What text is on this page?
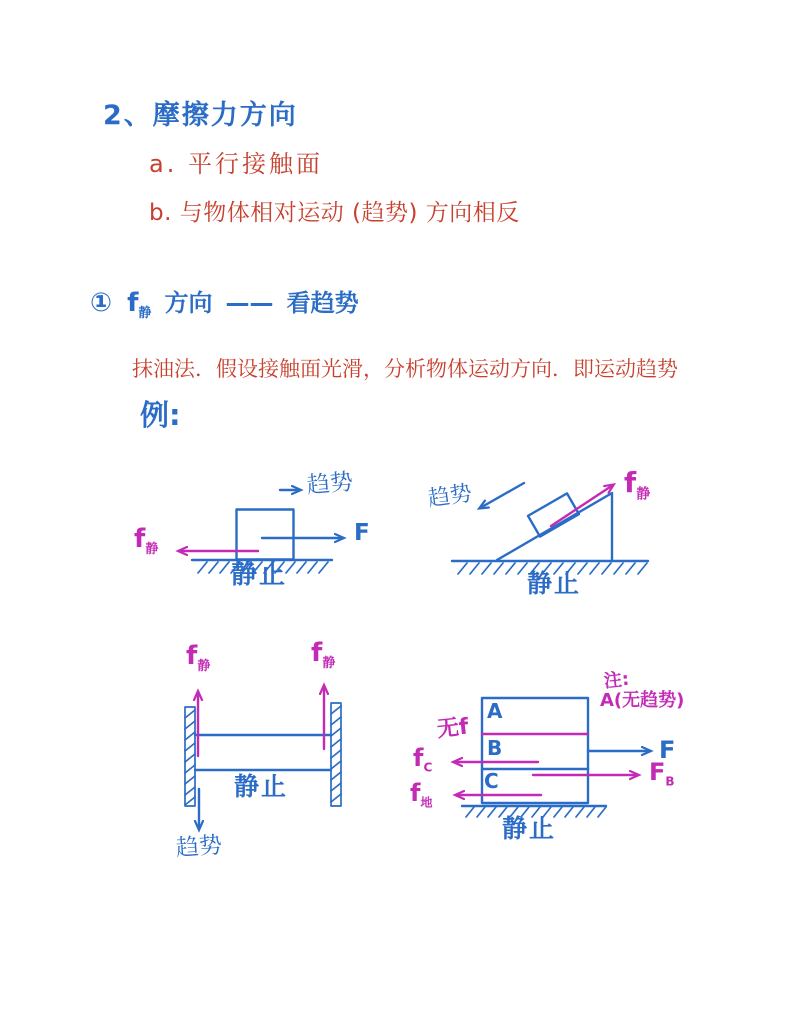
2、摩擦力方向
a. 平行接触面
b. 与物体相对运动 (趋势) 方向相反
① $f_静$ 方向 —— 看趋势
抹油法．假设接触面光滑，分析物体运动方向．即运动趋势
例:
趋势
F
$f_静$
静止
趋势	$f_静$
静止
$f_静$	$f_静$
静止
趋势
A
B
C
无f
$f_C$
$f_地$
F
$F_B$
注:
A(无趋势)
静止
